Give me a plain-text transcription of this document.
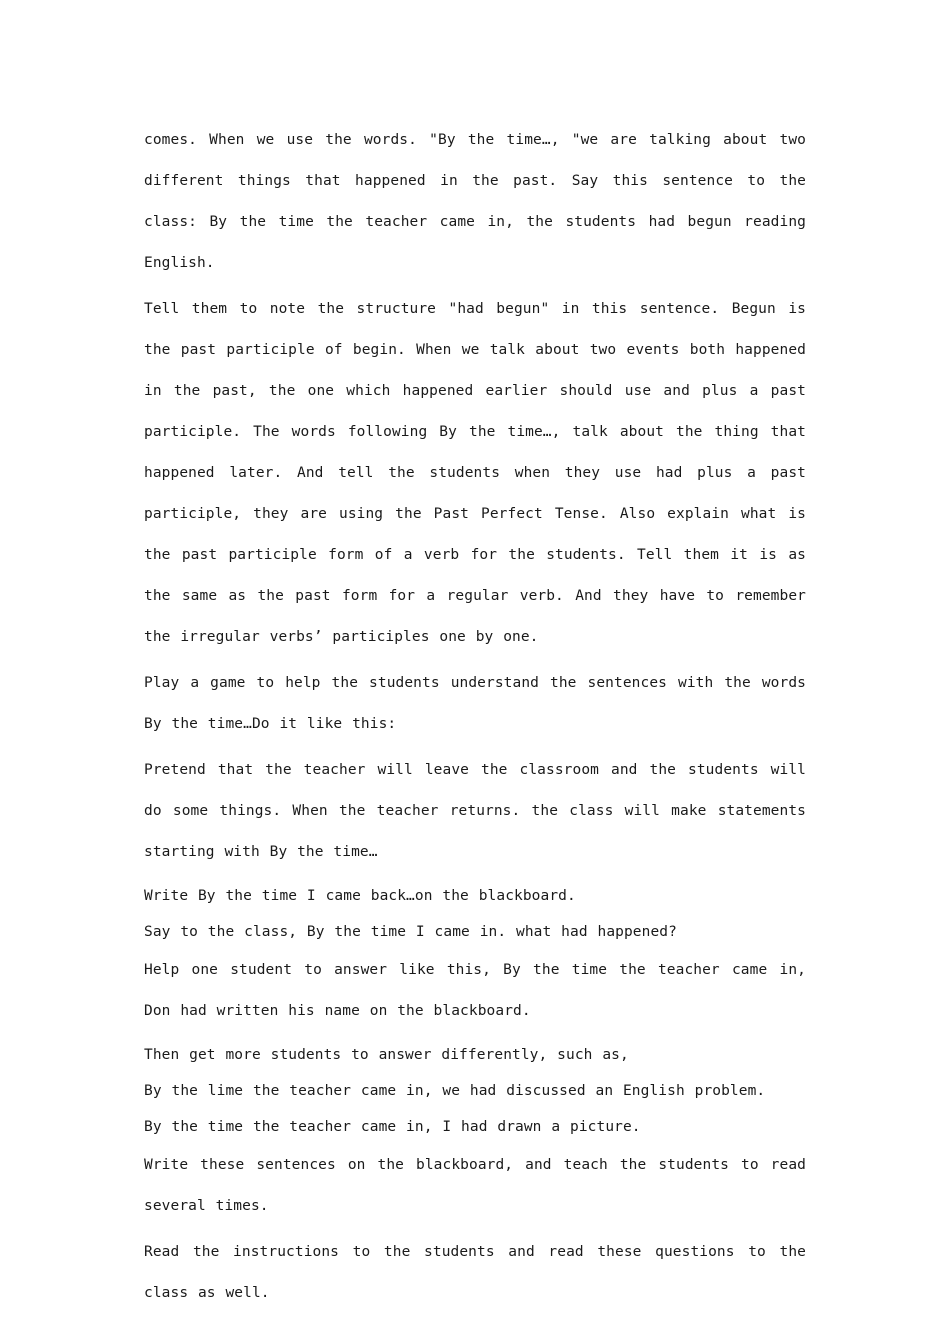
comes. When we use the words. "By the time…, "we are talking about two different things that happened in the past. Say this sentence to the class: By the time the teacher came in, the students had begun reading English.

Tell them to note the structure "had begun" in this sentence. Begun is the past participle of begin. When we talk about two events both happened in the past, the one which happened earlier should use and plus a past participle. The words following By the time…, talk about the thing that happened later. And tell the students when they use had plus a past participle, they are using the Past Perfect Tense. Also explain what is the past participle form of a verb for the students. Tell them it is as the same as the past form for a regular verb. And they have to remember the irregular verbs’ participles one by one.

Play a game to help the students understand the sentences with the words By the time…Do it like this:

Pretend that the teacher will leave the classroom and the students will do some things. When the teacher returns. the class will make statements starting with By the time…

Write By the time I came back…on the blackboard.

Say to the class, By the time I came in. what had happened?

Help one student to answer like this, By the time the teacher came in, Don had written his name on the blackboard.

Then get more students to answer differently, such as,

By the lime the teacher came in, we had discussed an English problem.

By the time the teacher came in, I had drawn a picture.

Write these sentences on the blackboard, and teach the students to read several times.

Read the instructions to the students and read these questions to the class as well.
